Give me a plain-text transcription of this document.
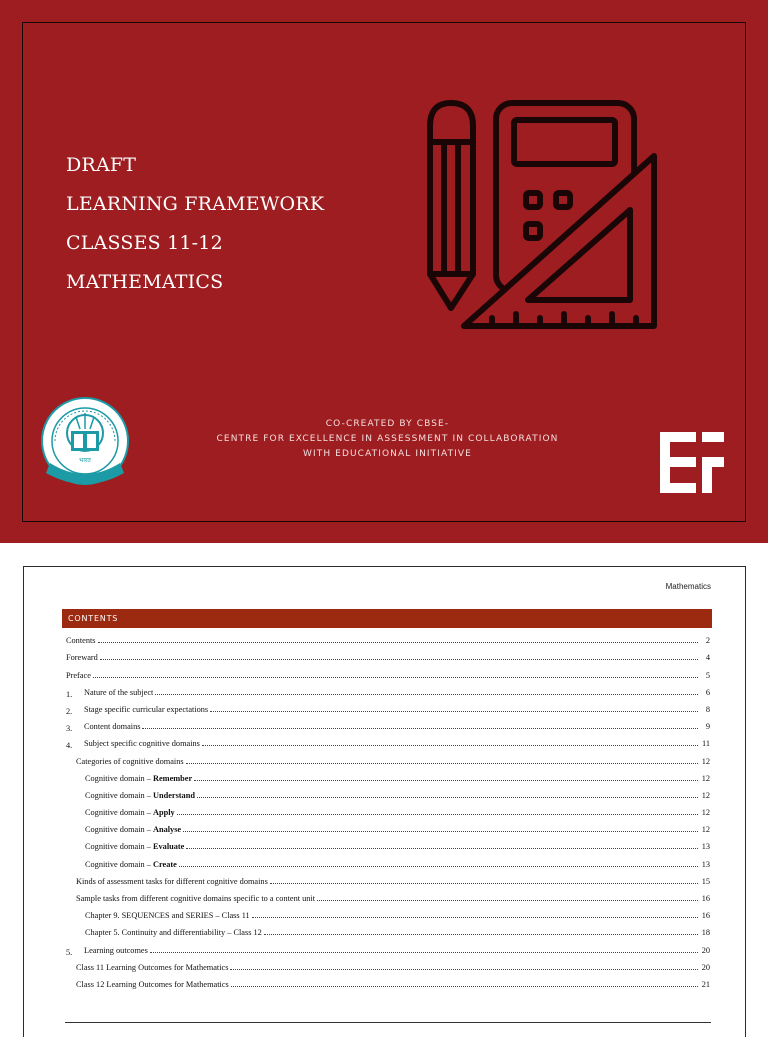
DRAFT
LEARNING FRAMEWORK
CLASSES 11-12
MATHEMATICS
भारत
CO-CREATED BY CBSE-
CENTRE FOR EXCELLENCE IN ASSESSMENT IN COLLABORATION
WITH EDUCATIONAL INITIATIVE
Mathematics
CONTENTS
Contents	2
Foreward	4
Preface	5
1.	Nature of the subject	6
2.	Stage specific curricular expectations	8
3.	Content domains	9
4.	Subject specific cognitive domains	11
Categories of cognitive domains	12
Cognitive domain – Remember	12
Cognitive domain – Understand	12
Cognitive domain – Apply	12
Cognitive domain – Analyse	12
Cognitive domain – Evaluate	13
Cognitive domain – Create	13
Kinds of assessment tasks for different cognitive domains	15
Sample tasks from different cognitive domains specific to a content unit	16
Chapter 9. SEQUENCES and SERIES – Class 11	16
Chapter 5. Continuity and differentiability – Class 12	18
5.	Learning outcomes	20
Class 11 Learning Outcomes for Mathematics	20
Class 12 Learning Outcomes for Mathematics	21
